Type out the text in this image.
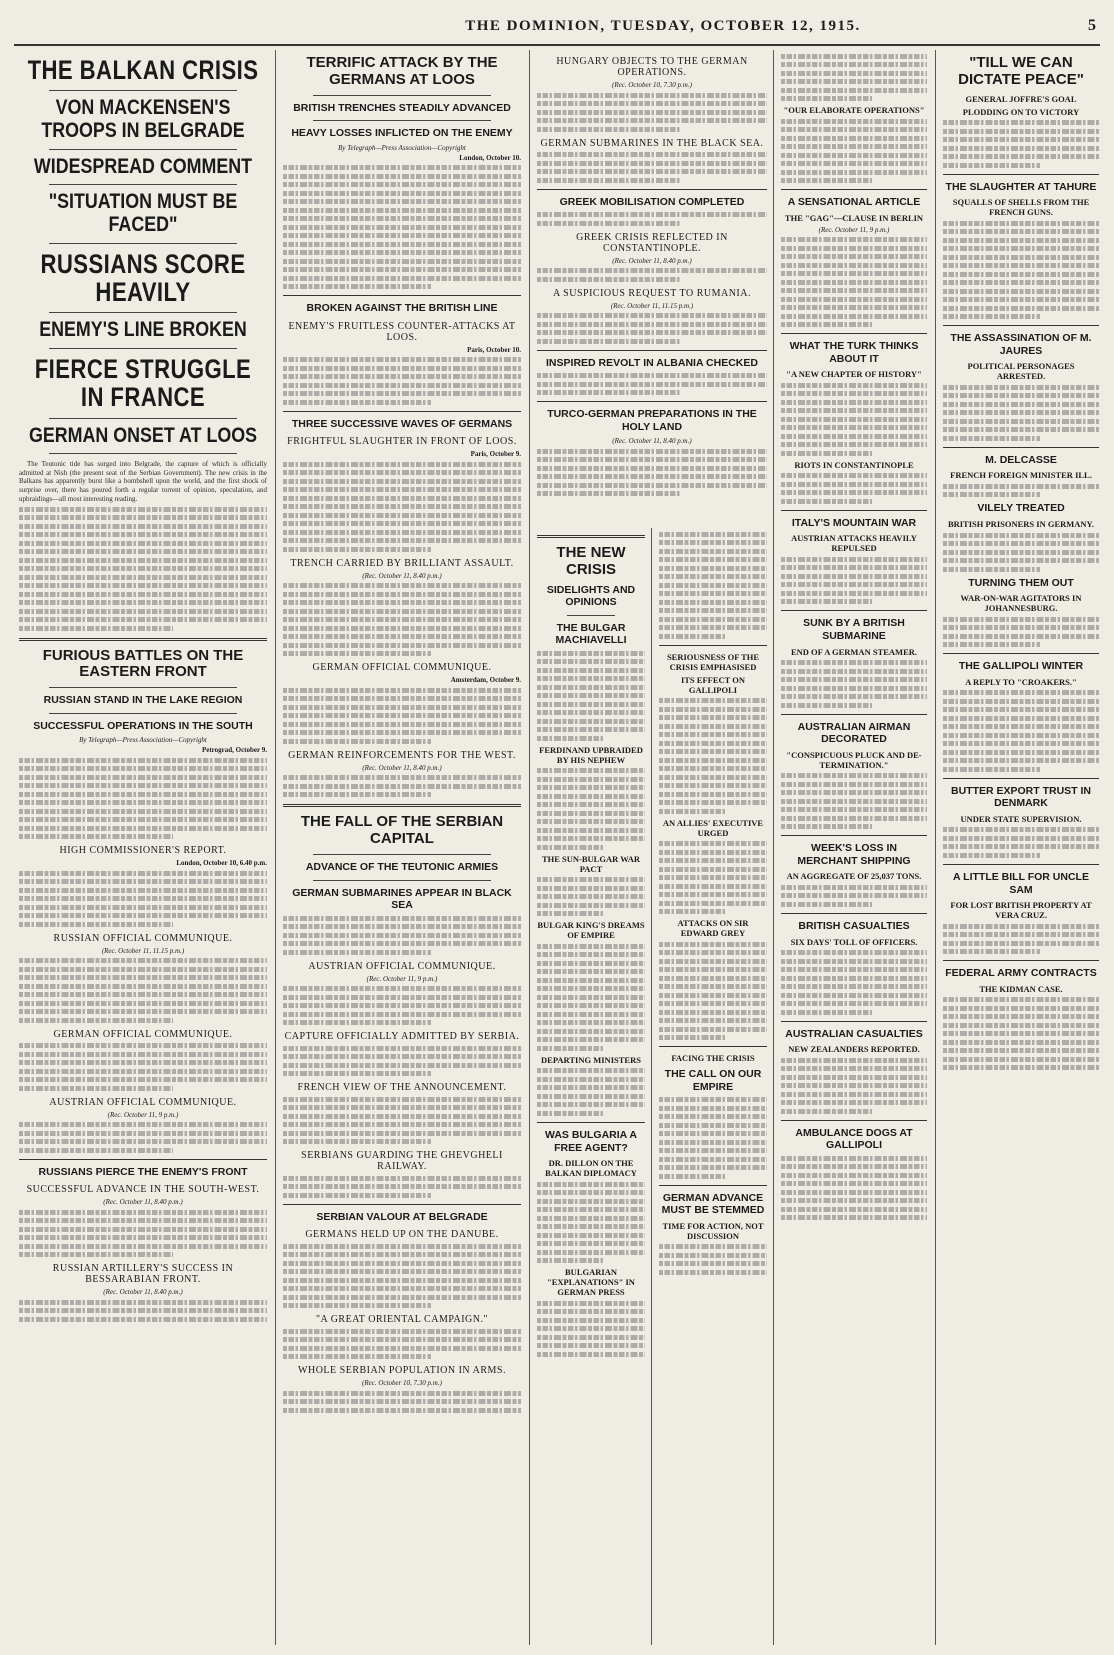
THE DOMINION, TUESDAY, OCTOBER 12, 1915.	5
THE BALKAN CRISIS
VON MACKENSEN'S TROOPS IN BELGRADE
WIDESPREAD COMMENT
"SITUATION MUST BE FACED"
RUSSIANS SCORE HEAVILY
ENEMY'S LINE BROKEN
FIERCE STRUGGLE IN FRANCE
GERMAN ONSET AT LOOS

The Teutonic tide has surged into Belgrade, the capture of which is officially admitted at Nish (the present seat of the Serbian Government). The new crisis in the Balkans has apparently burst like a bombshell upon the world, and the first shock of surprise over, there has poured forth a regular torrent of opinion, speculation, and upbraidings—all most interesting reading.

FURIOUS BATTLES ON THE EASTERN FRONT
RUSSIAN STAND IN THE LAKE REGION
SUCCESSFUL OPERATIONS IN THE SOUTH
By Telegraph—Press Association—Copyright
Petrograd, October 9.
HIGH COMMISSIONER'S REPORT.
London, October 10, 6.40 p.m.
RUSSIAN OFFICIAL COMMUNIQUE.
(Rec. October 11, 11.15 p.m.)
GERMAN OFFICIAL COMMUNIQUE.
AUSTRIAN OFFICIAL COMMUNIQUE.
(Rec. October 11, 9 p.m.)
RUSSIANS PIERCE THE ENEMY'S FRONT
SUCCESSFUL ADVANCE IN THE SOUTH-WEST.
(Rec. October 11, 8.40 p.m.)
RUSSIAN ARTILLERY'S SUCCESS IN BESSARABIAN FRONT.
(Rec. October 11, 8.40 p.m.)
TERRIFIC ATTACK BY THE GERMANS AT LOOS
BRITISH TRENCHES STEADILY ADVANCED
HEAVY LOSSES INFLICTED ON THE ENEMY
By Telegraph—Press Association—Copyright
London, October 10.
BROKEN AGAINST THE BRITISH LINE
ENEMY'S FRUITLESS COUNTER-ATTACKS AT LOOS.
Paris, October 10.
THREE SUCCESSIVE WAVES OF GERMANS
FRIGHTFUL SLAUGHTER IN FRONT OF LOOS.
Paris, October 9.
TRENCH CARRIED BY BRILLIANT ASSAULT.
(Rec. October 11, 8.40 p.m.)
GERMAN OFFICIAL COMMUNIQUE.
Amsterdam, October 9.
GERMAN REINFORCEMENTS FOR THE WEST.
(Rec. October 11, 8.40 p.m.)
THE FALL OF THE SERBIAN CAPITAL
ADVANCE OF THE TEUTONIC ARMIES
GERMAN SUBMARINES APPEAR IN BLACK SEA
AUSTRIAN OFFICIAL COMMUNIQUE.
(Rec. October 11, 9 p.m.)
CAPTURE OFFICIALLY ADMITTED BY SERBIA.
FRENCH VIEW OF THE ANNOUNCEMENT.
SERBIANS GUARDING THE GHEVGHELI RAILWAY.
SERBIAN VALOUR AT BELGRADE
GERMANS HELD UP ON THE DANUBE.
"A GREAT ORIENTAL CAMPAIGN."
WHOLE SERBIAN POPULATION IN ARMS.
(Rec. October 10, 7.30 p.m.)
HUNGARY OBJECTS TO THE GERMAN OPERATIONS.
(Rec. October 10, 7.30 p.m.)
GERMAN SUBMARINES IN THE BLACK SEA.
GREEK MOBILISATION COMPLETED
GREEK CRISIS REFLECTED IN CONSTANTINOPLE.
(Rec. October 11, 8.40 p.m.)
A SUSPICIOUS REQUEST TO RUMANIA.
(Rec. October 11, 11.15 p.m.)
INSPIRED REVOLT IN ALBANIA CHECKED
TURCO-GERMAN PREPARATIONS IN THE HOLY LAND
(Rec. October 11, 8.40 p.m.)
THE NEW CRISIS
SIDELIGHTS AND OPINIONS
THE BULGAR MACHIAVELLI
FERDINAND UPBRAIDED BY HIS NEPHEW
THE SUN-BULGAR WAR PACT
BULGAR KING'S DREAMS OF EMPIRE
DEPARTING MINISTERS
WAS BULGARIA A FREE AGENT?
DR. DILLON ON THE BALKAN DIPLOMACY
BULGARIAN "EXPLANATIONS" IN GERMAN PRESS
SERIOUSNESS OF THE CRISIS EMPHASISED
ITS EFFECT ON GALLIPOLI
AN ALLIES' EXECUTIVE URGED
ATTACKS ON SIR EDWARD GREY
FACING THE CRISIS
THE CALL ON OUR EMPIRE
GERMAN ADVANCE MUST BE STEMMED
TIME FOR ACTION, NOT DISCUSSION
"OUR ELABORATE OPERATIONS"
A SENSATIONAL ARTICLE
THE "GAG"—CLAUSE IN BERLIN
(Rec. October 11, 9 p.m.)
WHAT THE TURK THINKS ABOUT IT
"A NEW CHAPTER OF HISTORY"
RIOTS IN CONSTANTINOPLE
ITALY'S MOUNTAIN WAR
AUSTRIAN ATTACKS HEAVILY REPULSED
SUNK BY A BRITISH SUBMARINE
END OF A GERMAN STEAMER.
AUSTRALIAN AIRMAN DECORATED
"CONSPICUOUS PLUCK AND DE-TERMINATION."
WEEK'S LOSS IN MERCHANT SHIPPING
AN AGGREGATE OF 25,037 TONS.
BRITISH CASUALTIES
SIX DAYS' TOLL OF OFFICERS.
AUSTRALIAN CASUALTIES
NEW ZEALANDERS REPORTED.
AMBULANCE DOGS AT GALLIPOLI
"TILL WE CAN DICTATE PEACE"
GENERAL JOFFRE'S GOAL
PLODDING ON TO VICTORY
THE SLAUGHTER AT TAHURE
SQUALLS OF SHELLS FROM THE FRENCH GUNS.
THE ASSASSINATION OF M. JAURES
POLITICAL PERSONAGES ARRESTED.
M. DELCASSE
FRENCH FOREIGN MINISTER ILL.
VILELY TREATED
BRITISH PRISONERS IN GERMANY.
TURNING THEM OUT
WAR-ON-WAR AGITATORS IN JOHANNESBURG.
THE GALLIPOLI WINTER
A REPLY TO "CROAKERS."
BUTTER EXPORT TRUST IN DENMARK
UNDER STATE SUPERVISION.
A LITTLE BILL FOR UNCLE SAM
FOR LOST BRITISH PROPERTY AT VERA CRUZ.
FEDERAL ARMY CONTRACTS
THE KIDMAN CASE.
